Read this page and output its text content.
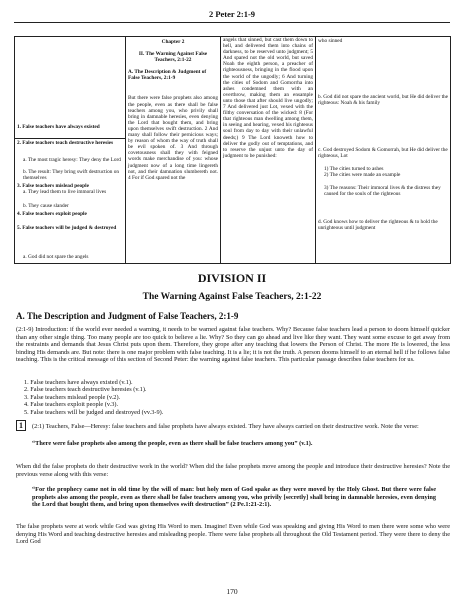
2 Peter 2:1-9
1. False teachers have always existed
2. False teachers teach destructive heresies
a. The most tragic heresy: They deny the Lord
b. The result: They bring swift destruction on themselves
3. False teachers mislead people
a. They lead them to live immoral lives
b. They cause slander
4. False teachers exploit people
5. False teachers will be judged & destroyed
a. God did not spare the angels
Chapter 2
II. The Warning Against False Teachers, 2:1-22
A. The Description & Judgment of False Teachers, 2:1-9

But there were false prophets also among the people, even as there shall be false teachers among you, who privily shall bring in damnable heresies, even denying the Lord that bought them, and bring upon themselves swift destruction. 2 And many shall follow their pernicious ways; by reason of whom the way of truth shall be evil spoken of. 3 And through covetousness shall they with feigned words make merchandise of you: whose judgment now of a long time lingereth not, and their damnation slumbereth not. 4 For if God spared not the

angels that sinned, but cast them down to hell, and delivered them into chains of darkness, to be reserved unto judgment; 5 And spared not the old world, but saved Noah the eighth person, a preacher of righteousness, bringing in the flood upon the world of the ungodly; 6 And turning the cities of Sodom and Gomorrha into ashes condemned them with an overthrow, making them an ensample unto those that after should live ungodly; 7 And delivered just Lot, vexed with the filthy conversation of the wicked: 8 (For that righteous man dwelling among them, in seeing and hearing, vexed his righteous soul from day to day with their unlawful deeds;) 9 The Lord knoweth how to deliver the godly out of temptations, and to reserve the unjust unto the day of judgment to be punished:

who sinned
b. God did not spare the ancient world, but He did deliver the righteous: Noah & his family
c. God destroyed Sodom & Gomorrah, but He did deliver the righteous, Lot
1) The cities turned to ashes
2) The cities were made an example
3) The reasons: Their immoral lives & the distress they caused for the souls of the righteous
d. God knows how to deliver the righteous & to hold the unrighteous until judgment
DIVISION II
The Warning Against False Teachers, 2:1-22
A. The Description and Judgment of False Teachers, 2:1-9

(2:1-9) Introduction: if the world ever needed a warning, it needs to be warned against false teachers. Why? Because false teachers lead a person to doom himself quicker than any other single thing. Too many people are too quick to believe a lie. Why? So they can go ahead and live like they want. They want some excuse to get away from the restraints and demands that Jesus Christ puts upon them. Therefore, they grope after any teaching that lowers the Person of Christ. The more He is lowered, the less binding His demands are. But note: there is one major problem with false teaching. It is a lie; it is not the truth. A person dooms himself to an eternal hell if he follows false teaching. This is the critical message of this section of Second Peter: the warning against false teachers. This particular passage describes false teachers for us.

1. False teachers have always existed (v.1).
2. False teachers teach destructive heresies (v.1).
3. False teachers mislead people (v.2).
4. False teachers exploit people (v.3).
5. False teachers will be judged and destroyed (vv.3-9).

1 (2:1) Teachers, False—Heresy: false teachers and false prophets have always existed. They have always carried on their destructive work. Note the verse:

“There were false prophets also among the people, even as there shall be false teachers among you” (v.1).

When did the false prophets do their destructive work in the world? When did the false prophets move among the people and introduce their destructive heresies? Note the previous verse along with this verse:

“For the prophecy came not in old time by the will of man: but holy men of God spake as they were moved by the Holy Ghost. But there were false prophets also among the people, even as there shall be false teachers among you, who privily [secretly] shall bring in damnable heresies, even denying the Lord that bought them, and bring upon themselves swift destruction” (2 Pe.1:21-2:1).

The false prophets were at work while God was giving His Word to men. Imagine! Even while God was speaking and giving His Word to men there were some who were denying His Word and teaching destructive heresies and misleading people. There were false prophets all throughout the Old Testament period. They were there to deny the Lord God

170
